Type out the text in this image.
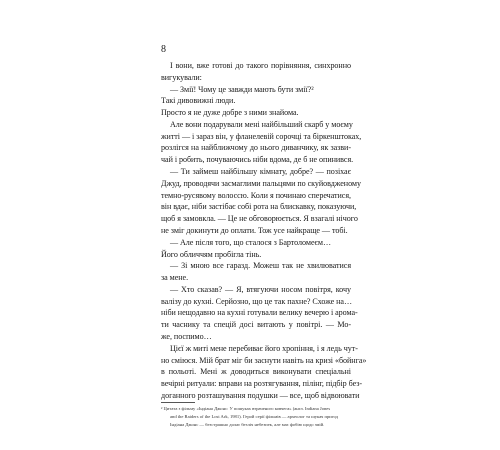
8
І вони, вже готові до такого порівняння, синхронно
вигукували:
— Змії! Чому це завжди мають бути змії?²
Такі дивовижні люди.
Просто я не дуже добре з ними знайома.
Але вони подарували мені найбільший скарб у моєму
житті — і зараз він, у фланелевій сорочці та біркенштоках,
розлігся на найближчому до нього диванчику, як зазви-
чай і робить, почуваючись ніби вдома, де б не опинився.
— Ти займеш найбільшу кімнату, добре? — позіхає
Джуд, проводячи засмаглими пальцями по скуйовдженому
темно-русявому волоссю. Коли я починаю сперечатися,
він вдає, ніби застібає собі рота на блискавку, показуючи,
щоб я замовкла. — Це не обговорюється. Я взагалі нічого
не зміг докинути до оплати. Тож усе найкраще — тобі.
— Але після того, що сталося з Бартоломеєм…
Його обличчям пробігла тінь.
— Зі мною все гаразд. Можеш так не хвилюватися
за мене.
— Хто сказав? — Я, втягуючи носом повітря, кочу
валізу до кухні. Серйозно, що це так пахне? Схоже на…
ніби нещодавно на кухні готували велику вечерю і арома-
ти часнику та спецій досі витають у повітрі. — Мо-
же, поспимо…
Цієї ж миті мене перебиває його хропіння, і я ледь чут-
но сміюся. Мій брат міг би заснути навіть на кризі «бойнга»
в польоті. Мені ж доводиться виконувати спеціальні
вечірні ритуали: вправи на розтягування, пілінг, підбір без-
доганного розташування подушки — все, щоб відвоювати
² Цитата з фільму «Індіана Джонс: У пошуках втраченого ковчега» (англ. Indiana Jones
and the Raiders of the Lost Ark, 1981). Герой серії фільмів — археолог та шукач пригод
Індіана Джонс — безстрашно долає безліч небезпек, але має фобію щодо змій.
